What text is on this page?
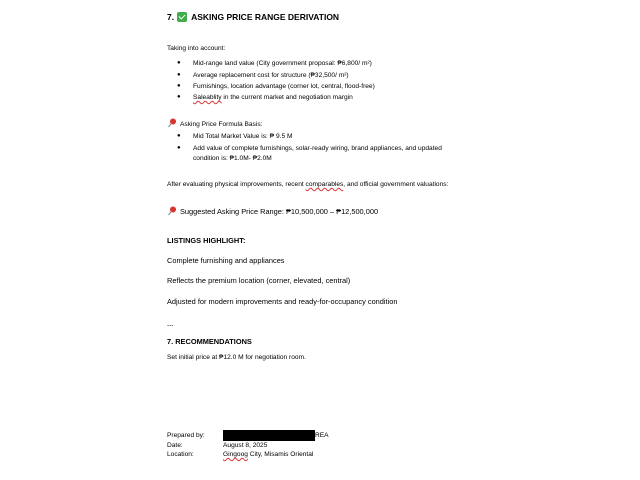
7. ASKING PRICE RANGE DERIVATION
Taking into account:
● Mid-range land value (City government proposal: ₱6,800/ m²)
● Average replacement cost for structure (₱32,500/ m²)
● Furnishings, location advantage (corner lot, central, flood-free)
● Saleablity in the current market and negotiation margin
Asking Price Formula Basis:
● Mid Total Market Value is: ₱ 9.5 M
● Add value of complete furnishings, solar-ready wiring, brand appliances, and updated
condition is: ₱1.0M- ₱2.0M
After evaluating physical improvements, recent comparables, and official government valuations:
Suggested Asking Price Range: ₱10,500,000 – ₱12,500,000
LISTINGS HIGHLIGHT:
Complete furnishing and appliances
Reflects the premium location (corner, elevated, central)
Adjusted for modern improvements and ready-for-occupancy condition
---
7. RECOMMENDATIONS
Set initial price at ₱12.0 M for negotiation room.
Prepared by:	REA
Date:	August 8, 2025
Location:	Gingoog City, Misamis Oriental
